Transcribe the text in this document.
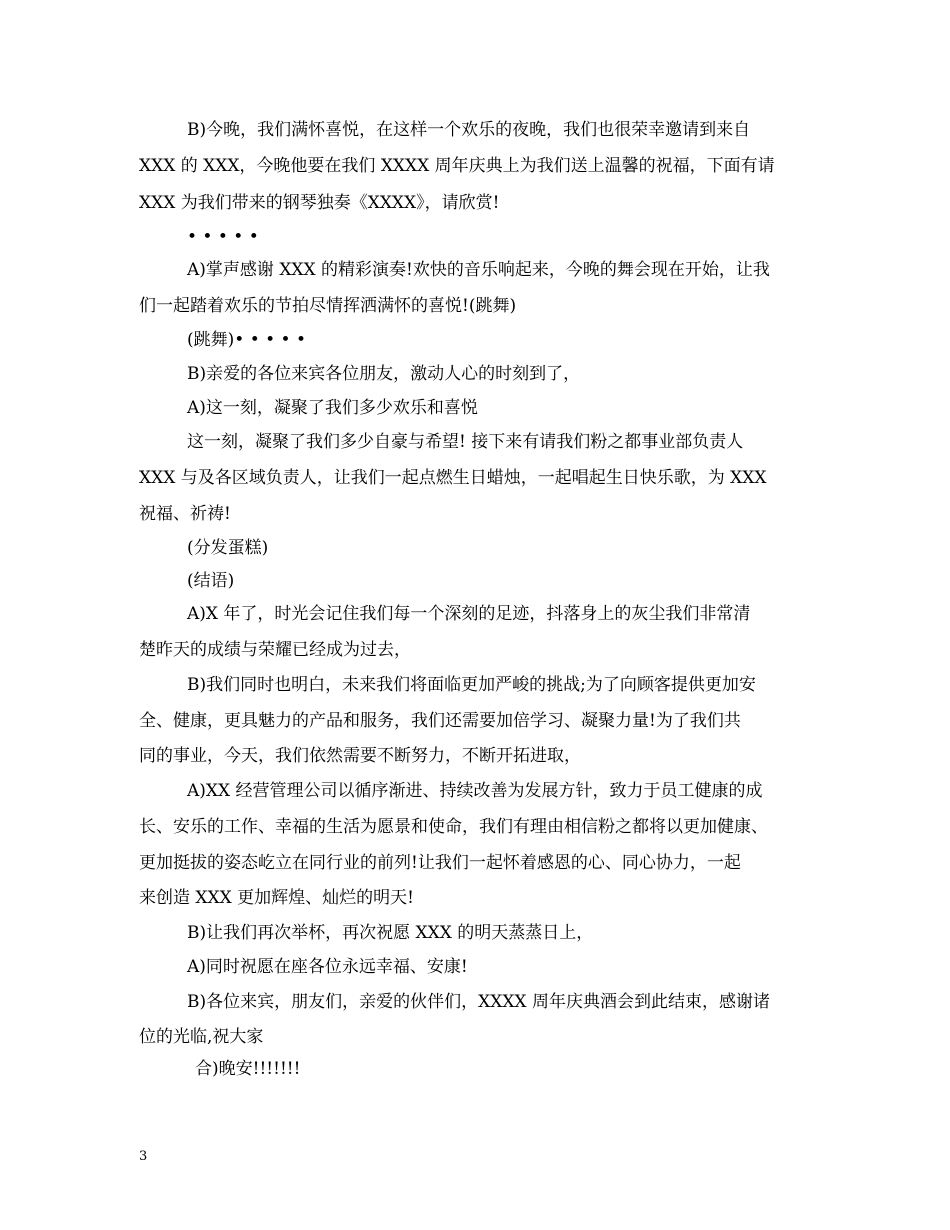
B)今晚，我们满怀喜悦，在这样一个欢乐的夜晚，我们也很荣幸邀请到来自
XXX 的 XXX，今晚他要在我们 XXXX 周年庆典上为我们送上温馨的祝福，下面有请
XXX 为我们带来的钢琴独奏《XXXX》，请欣赏!
• • • • •
A)掌声感谢 XXX 的精彩演奏!欢快的音乐响起来，今晚的舞会现在开始，让我
们一起踏着欢乐的节拍尽情挥洒满怀的喜悦!(跳舞)
(跳舞)• • • • •
B)亲爱的各位来宾各位朋友，激动人心的时刻到了，
A)这一刻，凝聚了我们多少欢乐和喜悦
这一刻，凝聚了我们多少自豪与希望! 接下来有请我们粉之都事业部负责人
XXX 与及各区域负责人，让我们一起点燃生日蜡烛，一起唱起生日快乐歌，为 XXX
祝福、祈祷!
(分发蛋糕)
(结语)
A)X 年了，时光会记住我们每一个深刻的足迹，抖落身上的灰尘我们非常清
楚昨天的成绩与荣耀已经成为过去，
B)我们同时也明白，未来我们将面临更加严峻的挑战;为了向顾客提供更加安
全、健康，更具魅力的产品和服务，我们还需要加倍学习、凝聚力量!为了我们共
同的事业，今天，我们依然需要不断努力，不断开拓进取，
A)XX 经营管理公司以循序渐进、持续改善为发展方针，致力于员工健康的成
长、安乐的工作、幸福的生活为愿景和使命，我们有理由相信粉之都将以更加健康、
更加挺拔的姿态屹立在同行业的前列!让我们一起怀着感恩的心、同心协力，一起
来创造 XXX 更加辉煌、灿烂的明天!
B)让我们再次举杯，再次祝愿 XXX 的明天蒸蒸日上，
A)同时祝愿在座各位永远幸福、安康!
B)各位来宾，朋友们，亲爱的伙伴们，XXXX 周年庆典酒会到此结束，感谢诸
位的光临,祝大家
合)晚安!!!!!!!
3
